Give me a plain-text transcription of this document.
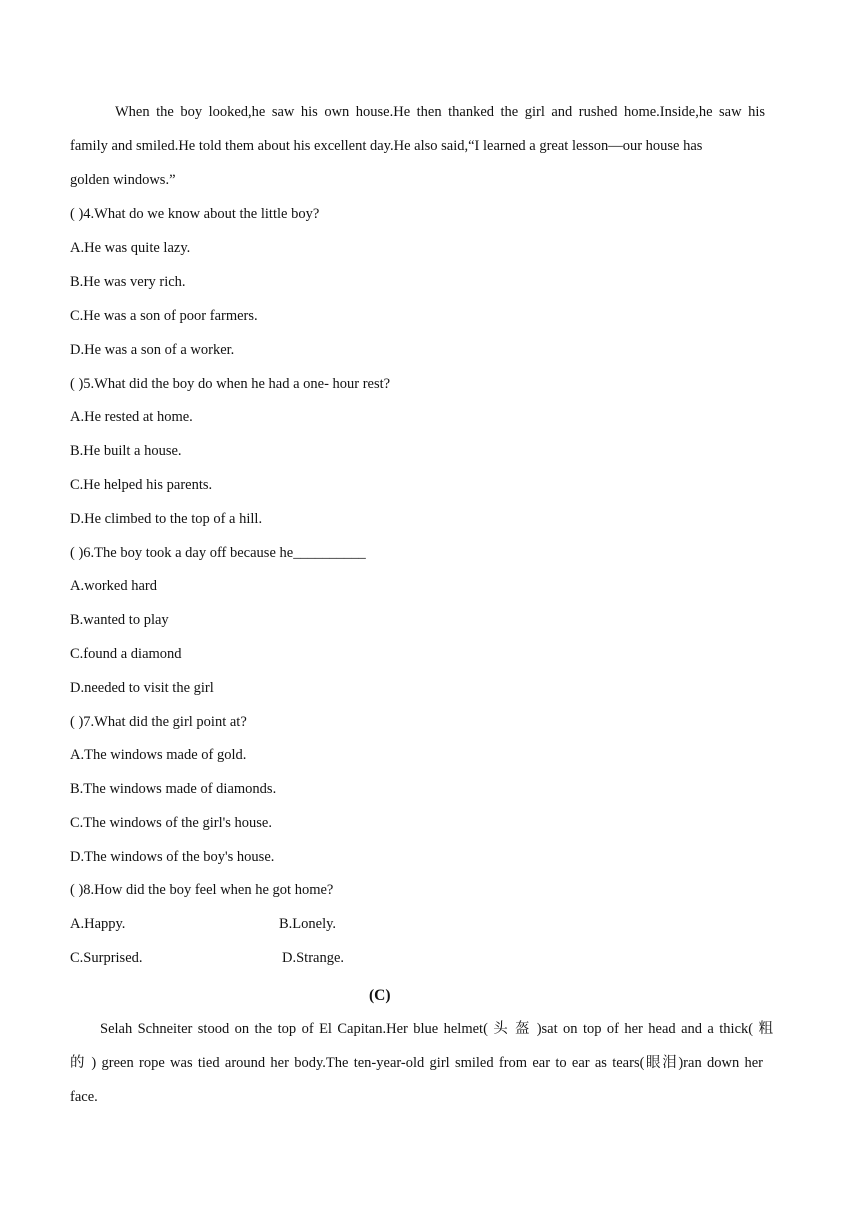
When the boy looked,he saw his own house.He then thanked the girl and rushed home.Inside,he saw his
family and smiled.He told them about his excellent day.He also said,“I learned a great lesson—our house has
golden windows.”
( )4.What do we know about the little boy?
A.He was quite lazy.
B.He was very rich.
C.He was a son of poor farmers.
D.He was a son of a worker.
( )5.What did the boy do when he had a one- hour rest?
A.He rested at home.
B.He built a house.
C.He helped his parents.
D.He climbed to the top of a hill.
( )6.The boy took a day off because he__________
A.worked hard
B.wanted to play
C.found a diamond
D.needed to visit the girl
( )7.What did the girl point at?
A.The windows made of gold.
B.The windows made of diamonds.
C.The windows of the girl's house.
D.The windows of the boy's house.
( )8.How did the boy feel when he got home?
A.Happy.	B.Lonely.
C.Surprised.	D.Strange.
(C)
Selah Schneiter stood on the top of El Capitan.Her blue helmet( 头 盔 )sat on top of her head and a thick( 粗
的 ) green rope was tied around her body.The ten-year-old girl smiled from ear to ear as tears(眼泪)ran down her
face.
